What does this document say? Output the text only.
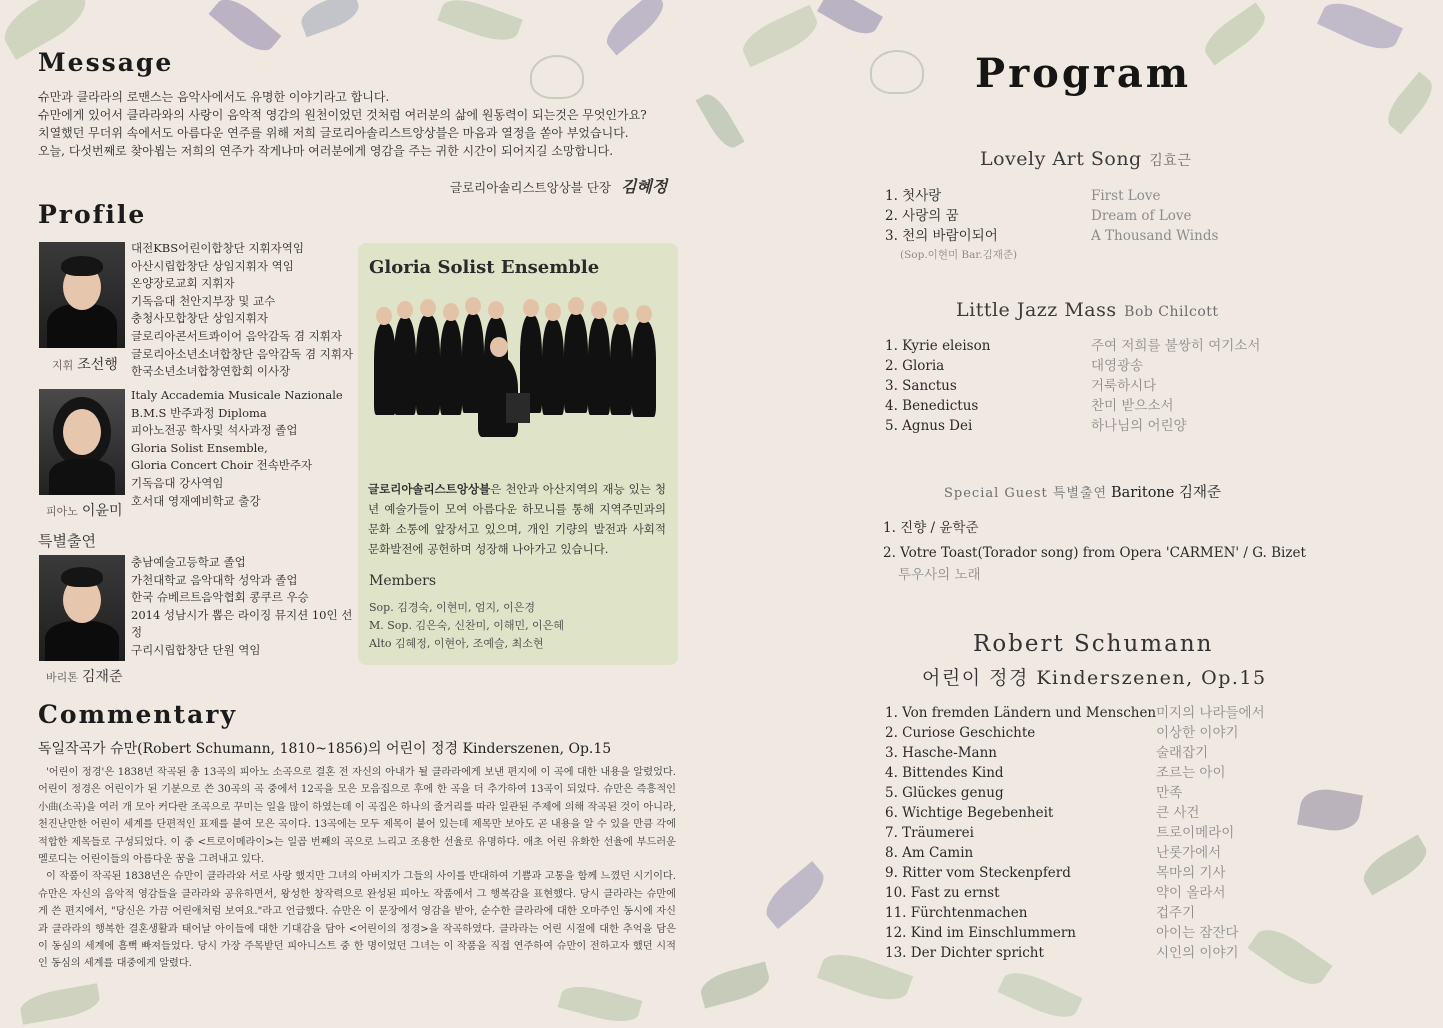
Message
슈만과 클라라의 로맨스는 음악사에서도 유명한 이야기라고 합니다.
슈만에게 있어서 클라라와의 사랑이 음악적 영감의 원천이었던 것처럼 여러분의 삶에 원동력이 되는것은 무엇인가요?
치열했던 무더위 속에서도 아름다운 연주를 위해 저희 글로리아솔리스트앙상블은 마음과 열정을 쏟아 부었습니다.
오늘, 다섯번째로 찾아뵙는 저희의 연주가 작게나마 여러분에게 영감을 주는 귀한 시간이 되어지길 소망합니다.
글로리아솔리스트앙상블 단장 김혜정
Profile
대전KBS어린이합창단 지휘자역임
아산시립합창단 상임지휘자 역임
온양장로교회 지휘자
기독음대 천안지부장 및 교수
충청사모합창단 상임지휘자
글로리아콘서트콰이어 음악감독 겸 지휘자
글로리아소년소녀합창단 음악감독 겸 지휘자
한국소년소녀합창연합회 이사장
지휘 조선행
Italy Accademia Musicale Nazionale
B.M.S 반주과정 Diploma
피아노전공 학사및 석사과정 졸업
Gloria Solist Ensemble,
Gloria Concert Choir 전속반주자
기독음대 강사역임
호서대 영재예비학교 출강
피아노 이윤미
특별출연
충남예술고등학교 졸업
가천대학교 음악대학 성악과 졸업
한국 슈베르트음악협회 콩쿠르 우승
2014 성남시가 뽑은 라이징 뮤지션 10인 선정
구리시립합창단 단원 역임
바리톤 김재준
Gloria Solist Ensemble
글로리아솔리스트앙상블은 천안과 아산지역의 재능 있는 청년 예술가들이 모여 아름다운 하모니를 통해 지역주민과의 문화 소통에 앞장서고 있으며, 개인 기량의 발전과 사회적 문화발전에 공헌하며 성장해 나아가고 있습니다.
Members
Sop. 김경숙, 이현미, 엄지, 이은경
M. Sop. 김은숙, 신찬미, 이해민, 이은혜
Alto 김혜정, 이현아, 조예슬, 최소현
Commentary
독일작곡가 슈만(Robert Schumann, 1810~1856)의 어린이 정경 Kinderszenen, Op.15
'어린이 정경'은 1838년 작곡된 총 13곡의 피아노 소곡으로 결혼 전 자신의 아내가 될 클라라에게 보낸 편지에 이 곡에 대한 내용을 알렸었다. 어린이 정경은 어린이가 된 기분으로 쓴 30곡의 곡 중에서 12곡을 모은 모음집으로 후에 한 곡을 더 추가하여 13곡이 되었다. 슈만은 즉흥적인 小曲(소곡)을 여러 개 모아 커다란 조곡으로 꾸미는 일을 많이 하였는데 이 곡집은 하나의 줄거리를 따라 일관된 주제에 의해 작곡된 것이 아니라, 천진난만한 어린이 세계를 단편적인 표제를 붙여 모은 곡이다. 13곡에는 모두 제목이 붙어 있는데 제목만 보아도 곧 내용을 알 수 있을 만큼 각에 적합한 제목들로 구성되었다. 이 중 <트로이메라이>는 일곱 번째의 곡으로 느리고 조용한 선율로 유명하다. 애초 어린 유화한 선율에 부드러운 멜로디는 어린이들의 아름다운 꿈을 그려내고 있다.
이 작품이 작곡된 1838년은 슈만이 클라라와 서로 사랑 했지만 그녀의 아버지가 그들의 사이를 반대하여 기쁨과 고통을 함께 느꼈던 시기이다. 슈만은 자신의 음악적 영감들을 클라라와 공유하면서, 왕성한 창작력으로 완성된 피아노 작품에서 그 행복감을 표현했다. 당시 클라라는 슈만에게 쓴 편지에서, "당신은 가끔 어린애처럼 보여요."라고 언급했다. 슈만은 이 문장에서 영감을 받아, 순수한 클라라에 대한 오마주인 동시에 자신과 클라라의 행복한 결혼생활과 태어날 아이들에 대한 기대감을 담아 <어린이의 정경>을 작곡하였다. 클라라는 어린 시절에 대한 추억을 담은 이 동심의 세계에 흠뻑 빠져들었다. 당시 가장 주목받던 피아니스트 중 한 명이었던 그녀는 이 작품을 직접 연주하여 슈만이 전하고자 했던 시적인 동심의 세계를 대중에게 알렸다.
Program
Lovely Art Song 김효근
1. 첫사랑
2. 사랑의 꿈
3. 천의 바람이되어
First Love
Dream of Love
A Thousand Winds
(Sop.이현미 Bar.김재준)
Little Jazz Mass Bob Chilcott
1. Kyrie eleison
2. Gloria
3. Sanctus
4. Benedictus
5. Agnus Dei
주여 저희를 불쌍히 여기소서
대영광송
거룩하시다
찬미 받으소서
하나님의 어린양
Special Guest 특별출연 Baritone 김재준
1. 진향 / 윤학준
2. Votre Toast(Torador song) from Opera 'CARMEN' / G. Bizet
투우사의 노래
Robert Schumann
어린이 정경 Kinderszenen, Op.15
1. Von fremden Ländern und Menschen
2. Curiose Geschichte
3. Hasche-Mann
4. Bittendes Kind
5. Glückes genug
6. Wichtige Begebenheit
7. Träumerei
8. Am Camin
9. Ritter vom Steckenpferd
10. Fast zu ernst
11. Fürchtenmachen
12. Kind im Einschlummern
13. Der Dichter spricht
미지의 나라들에서
이상한 이야기
술래잡기
조르는 아이
만족
큰 사건
트로이메라이
난롯가에서
목마의 기사
약이 올라서
겁주기
아이는 잠잔다
시인의 이야기
